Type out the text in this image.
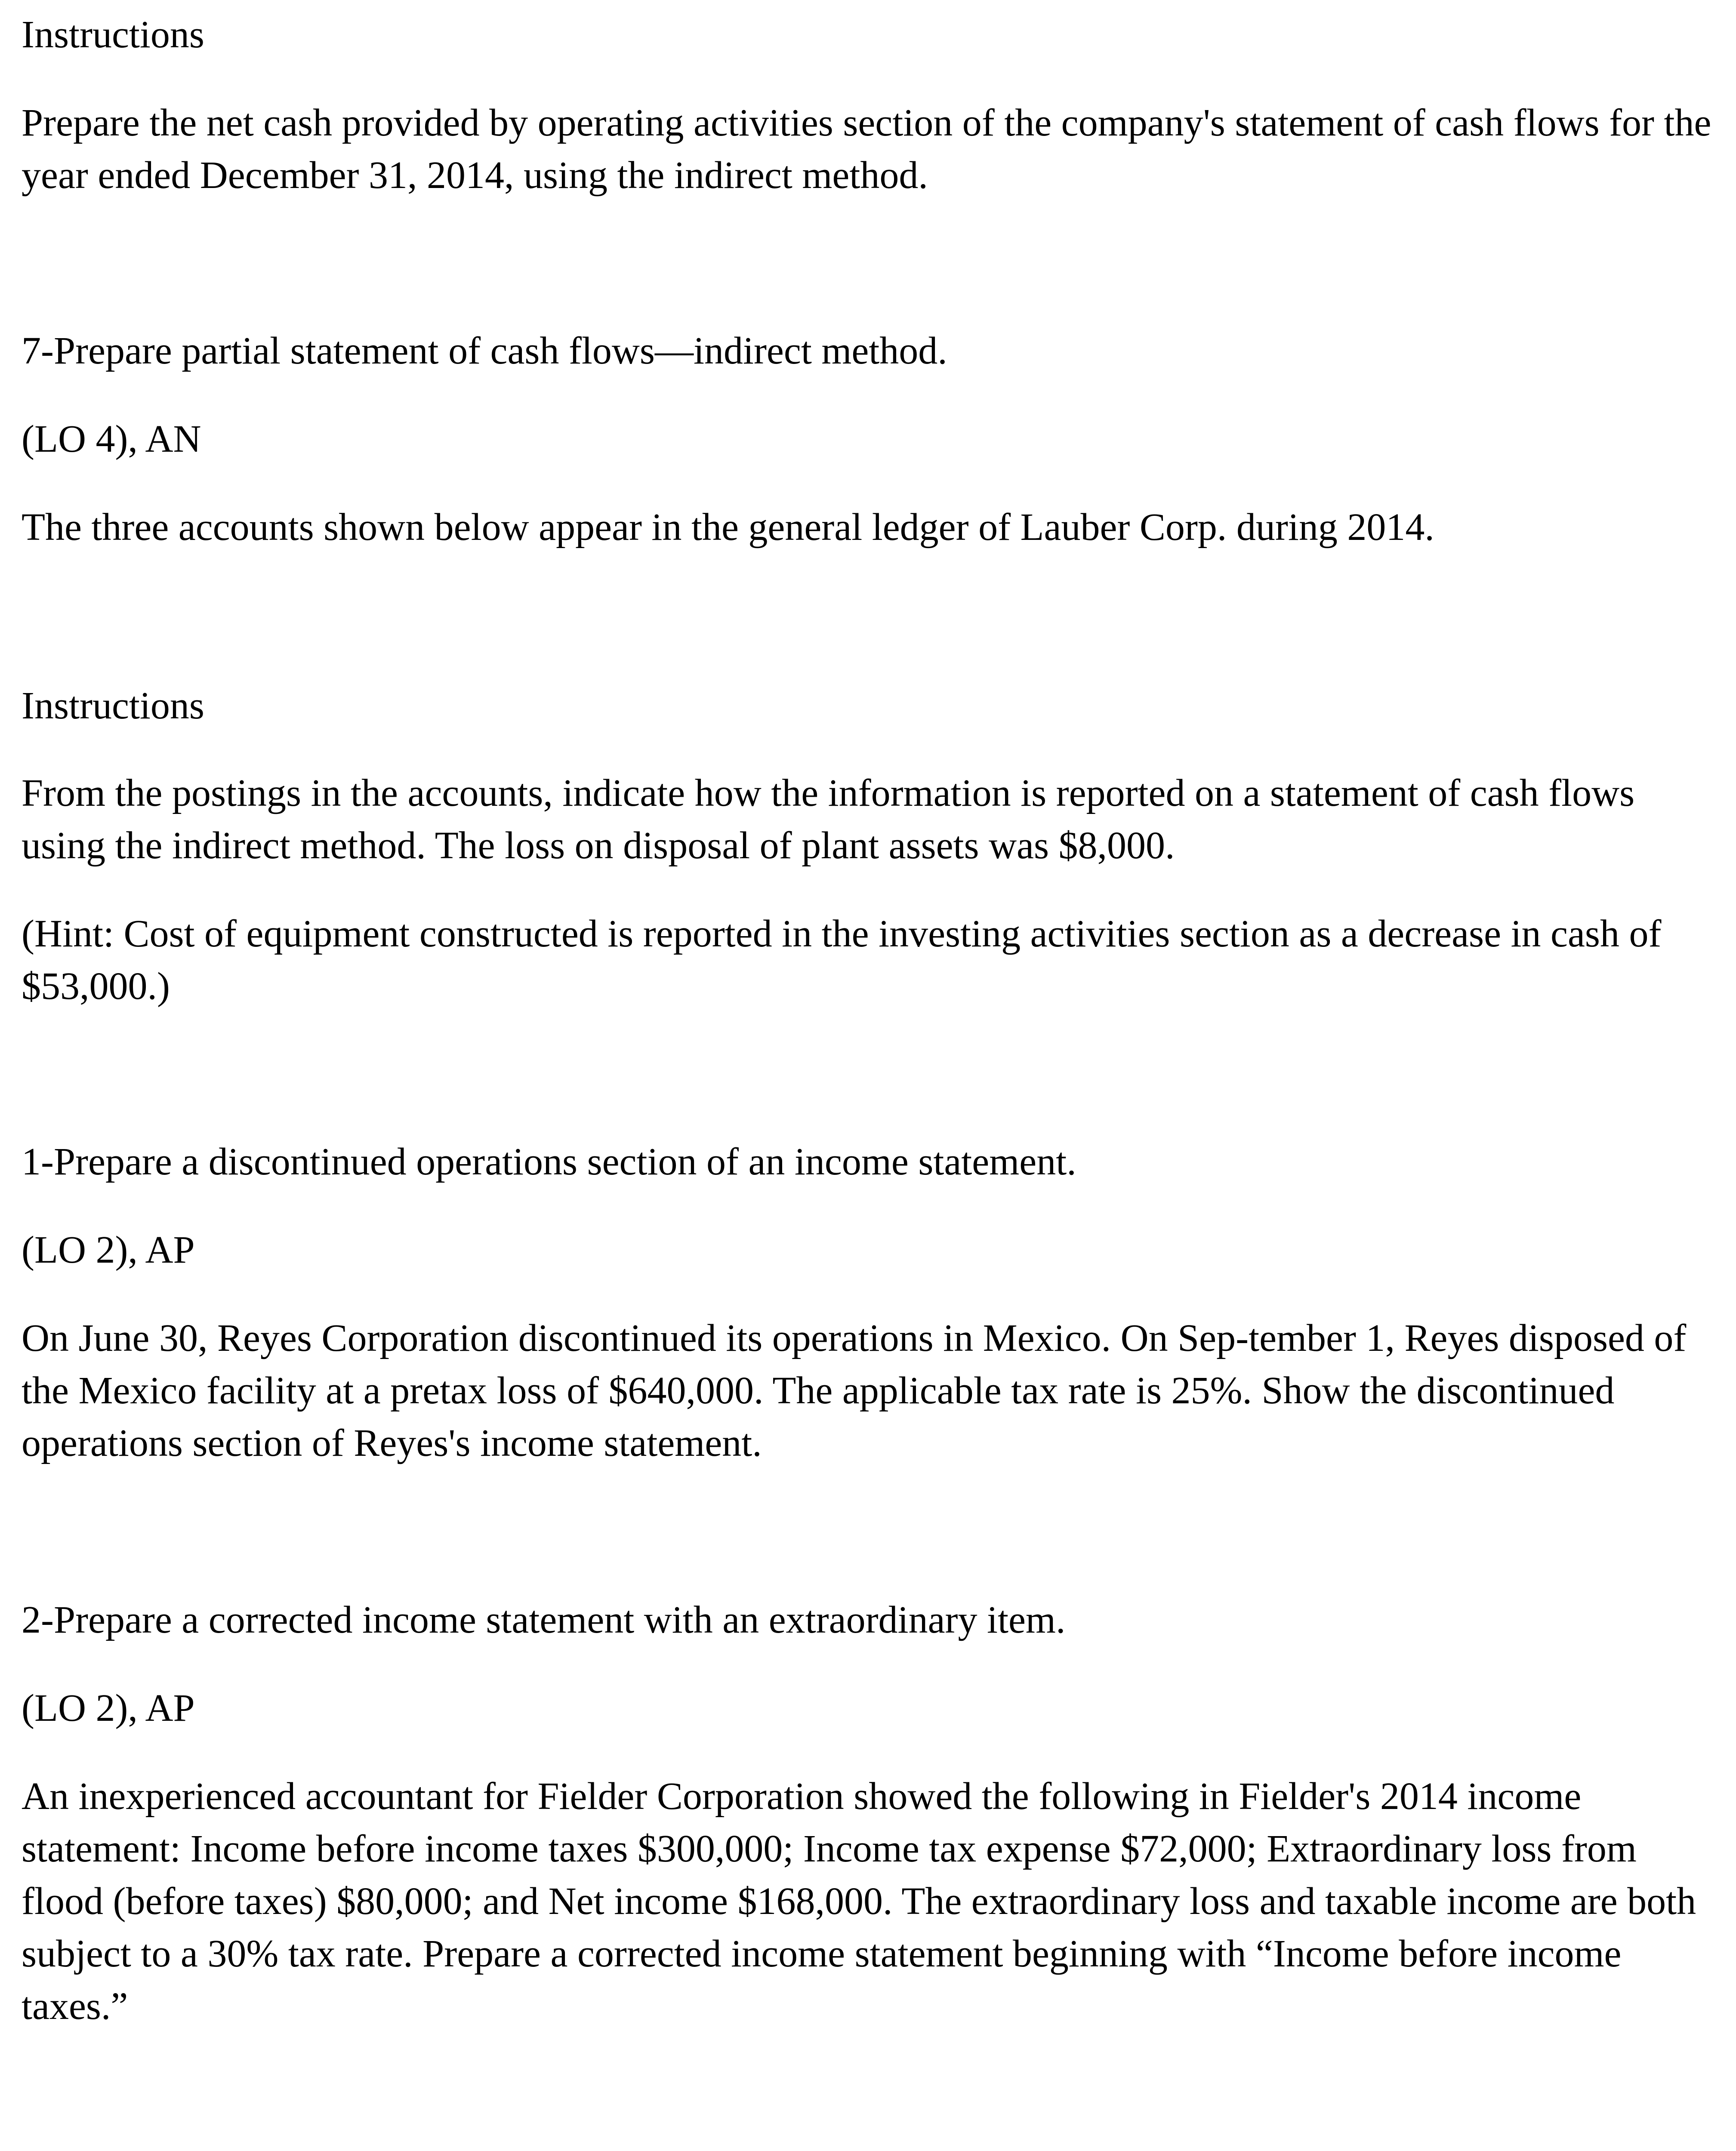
Instructions

Prepare the net cash provided by operating activities section of the company's statement of cash flows for the year ended December 31, 2014, using the indirect method.

7-Prepare partial statement of cash flows—indirect method.

(LO 4), AN

The three accounts shown below appear in the general ledger of Lauber Corp. during 2014.

Instructions

From the postings in the accounts, indicate how the information is reported on a statement of cash flows using the indirect method. The loss on disposal of plant assets was $8,000.

(Hint: Cost of equipment constructed is reported in the investing activities section as a decrease in cash of $53,000.)

1-Prepare a discontinued operations section of an income statement.

(LO 2), AP

On June 30, Reyes Corporation discontinued its operations in Mexico. On Sep-tember 1, Reyes disposed of the Mexico facility at a pretax loss of $640,000. The applicable tax rate is 25%. Show the discontinued operations section of Reyes's income statement.

2-Prepare a corrected income statement with an extraordinary item.

(LO 2), AP

An inexperienced accountant for Fielder Corporation showed the following in Fielder's 2014 income statement: Income before income taxes $300,000; Income tax expense $72,000; Extraordinary loss from flood (before taxes) $80,000; and Net income $168,000. The extraordinary loss and taxable income are both subject to a 30% tax rate. Prepare a corrected income statement beginning with “Income before income taxes.”
